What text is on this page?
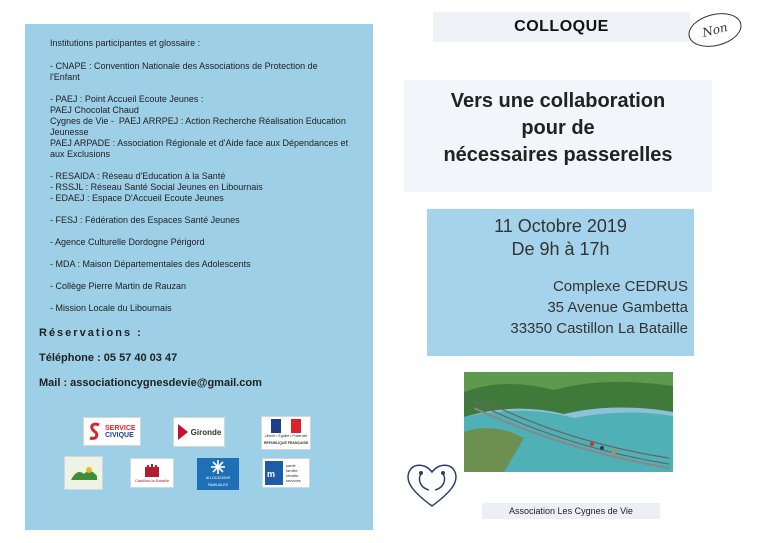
Institutions participantes et glossaire :
- CNAPE : Convention Nationale des Associations de Protection de
l'Enfant
- PAEJ : Point Accueil Ecoute Jeunes :
PAEJ Chocolat Chaud
Cygnes de Vie -  PAEJ ARRPEJ : Action Recherche Réalisation Education
Jeunesse
PAEJ ARPADE : Association Régionale et d'Aide face aux Dépendances et
aux Exclusions
- RESAIDA : Réseau d'Education à la Santé
- RSSJL : Réseau Santé Social Jeunes en Libournais
- EDAEJ : Espace D'Accueil Ecoute Jeunes
- FESJ : Fédération des Espaces Santé Jeunes
- Agence Culturelle Dordogne Périgord
- MDA : Maison Départementales des Adolescents
- Collège Pierre Martin de Rauzan
- Mission Locale du Libournais
Réservations :
Téléphone : 05 57 40 03 47
Mail : associationcygnesdevie@gmail.com
SERVICE
CIVIQUE	Gironde	Liberté • Égalité • Fraternité
RÉPUBLIQUE FRANÇAISE
Castillon-la-Bataille	ALLOCATIONS FAMILIALES
m
santé
famille
retraite
services
COLLOQUE	Non
Vers une collaboration
pour de
nécessaires passerelles
11 Octobre 2019
De 9h à 17h
Complexe CEDRUS
35 Avenue Gambetta
33350 Castillon La Bataille
Association Les Cygnes de Vie
